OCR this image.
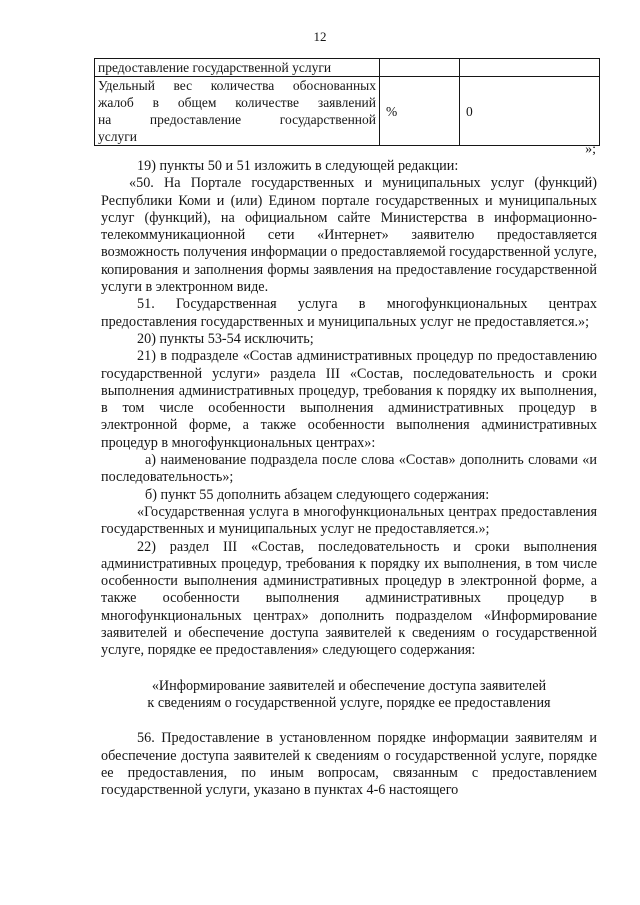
12
предоставление государственной услуги		

Удельный вес количества обоснованных
жалоб в общем количестве заявлений
на предоставление государственной
услуги	%	0
»;

19) пункты 50 и 51 изложить в следующей редакции:

«50. На Портале государственных и муниципальных услуг (функций) Республики Коми и (или) Едином портале государственных и муниципальных услуг (функций), на официальном сайте Министерства в информационно-телекоммуникационной сети «Интернет» заявителю предоставляется возможность получения информации о предоставляемой государственной услуге, копирования и заполнения формы заявления на предоставление государственной услуги в электронном виде.

51. Государственная услуга в многофункциональных центрах предоставления государственных и муниципальных услуг не предоставляется.»;

20) пункты 53-54 исключить;

21) в подразделе «Состав административных процедур по предоставлению государственной услуги» раздела III «Состав, последовательность и сроки выполнения административных процедур, требования к порядку их выполнения, в том числе особенности выполнения административных процедур в электронной форме, а также особенности выполнения административных процедур в многофункциональных центрах»:

а) наименование подраздела после слова «Состав» дополнить словами «и последовательность»;

б) пункт 55 дополнить абзацем следующего содержания:

«Государственная услуга в многофункциональных центрах предоставления государственных и муниципальных услуг не предоставляется.»;

22) раздел III «Состав, последовательность и сроки выполнения административных процедур, требования к порядку их выполнения, в том числе особенности выполнения административных процедур в электронной форме, а также особенности выполнения административных процедур в многофункциональных центрах» дополнить подразделом «Информирование заявителей и обеспечение доступа заявителей к сведениям о государственной услуге, порядке ее предоставления» следующего содержания:

«Информирование заявителей и обеспечение доступа заявителей

к сведениям о государственной услуге, порядке ее предоставления

56. Предоставление в установленном порядке информации заявителям и обеспечение доступа заявителей к сведениям о государственной услуге, порядке ее предоставления, по иным вопросам, связанным с предоставлением государственной услуги, указано в пунктах 4-6 настоящего
